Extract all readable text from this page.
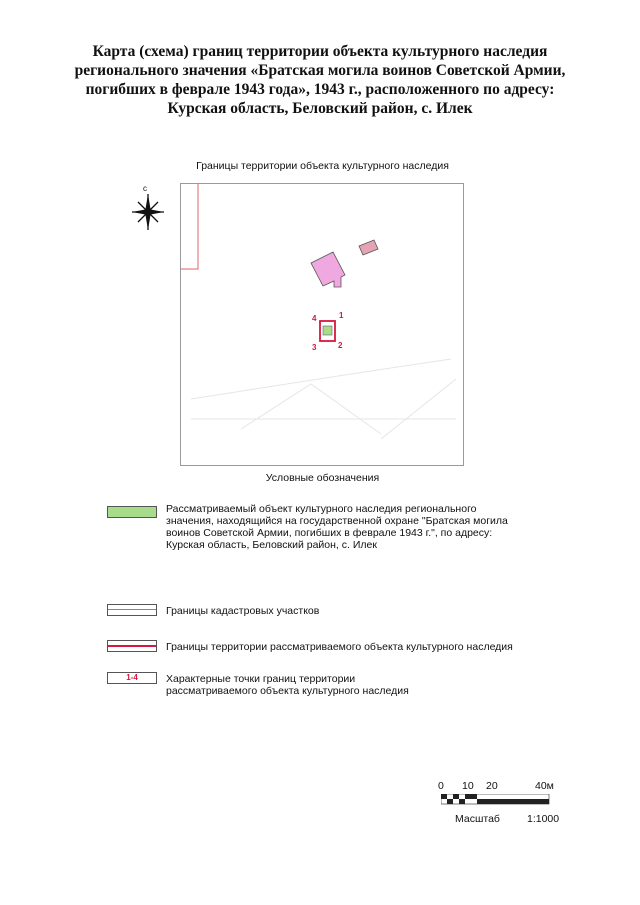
Карта (схема) границ территории объекта культурного наследия
регионального значения «Братская могила воинов Советской Армии,
погибших в феврале 1943 года», 1943 г., расположенного по адресу:
Курская область, Беловский район, с. Илек
Границы территории объекта культурного наследия
1
2
3
4
с
Условные обозначения
Рассматриваемый объект культурного наследия регионального
значения, находящийся на государственной охране "Братская могила
воинов Советской Армии, погибших в феврале 1943 г.", по адресу:
Курская область, Беловский район, с. Илек
Границы кадастровых участков
Границы территории рассматриваемого объекта культурного наследия
1-4	Характерные точки границ территории
рассматриваемого объекта культурного наследия
0 10 20	40м
Масштаб	1:1000
